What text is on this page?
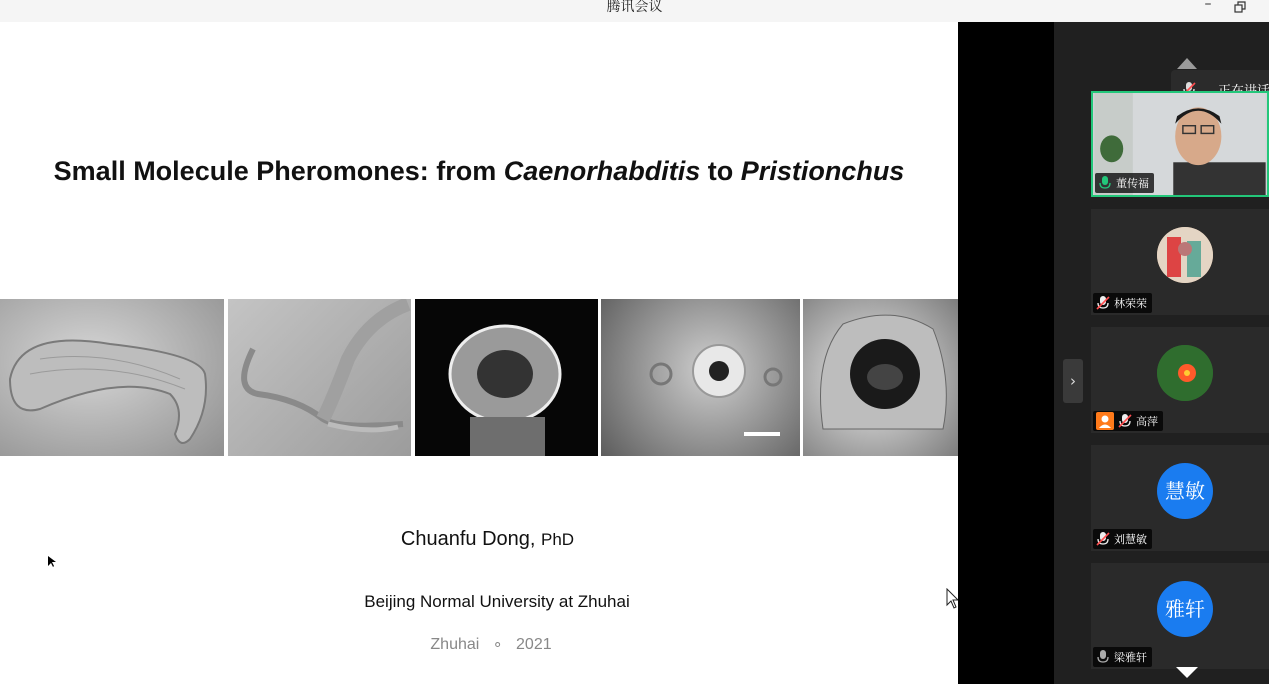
腾讯会议	–
Small Molecule Pheromones: from Caenorhabditis to Pristionchus
Chuanfu Dong, PhD
Beijing Normal University at Zhuhai
Zhuhai ∘ 2021
›
董传福
林荣荣
高萍
慧敏
刘慧敏
雅轩
梁雅轩
